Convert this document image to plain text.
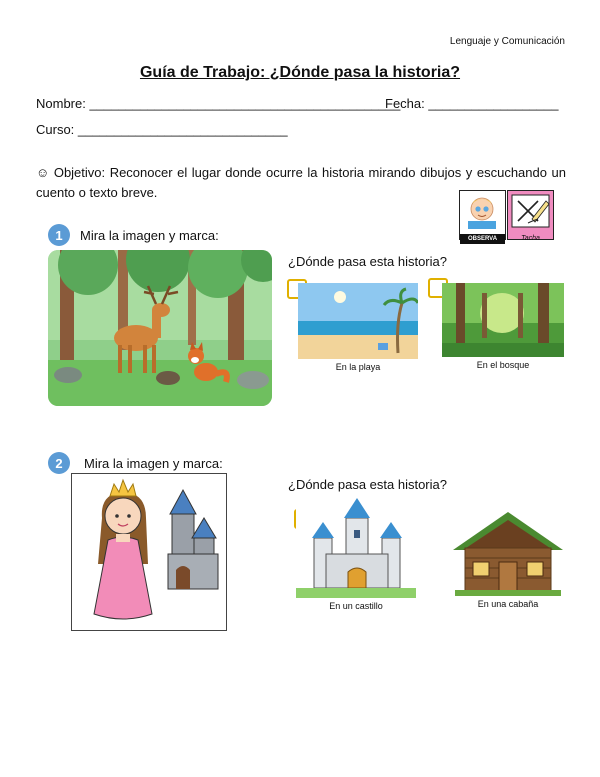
Lenguaje y Comunicación
Guía de Trabajo: ¿Dónde pasa la historia?
Nombre: ___________________________________________
Fecha: __________________
Curso: _____________________________
☺ Objetivo: Reconocer el lugar donde ocurre la historia mirando dibujos y escuchando un cuento o texto breve.
OBSERVA	Tacha
1	Mira la imagen y marca:
¿Dónde pasa esta historia?
En la playa	En el bosque
2	Mira la imagen y marca:
¿Dónde pasa esta historia?
En un castillo	En una cabaña
